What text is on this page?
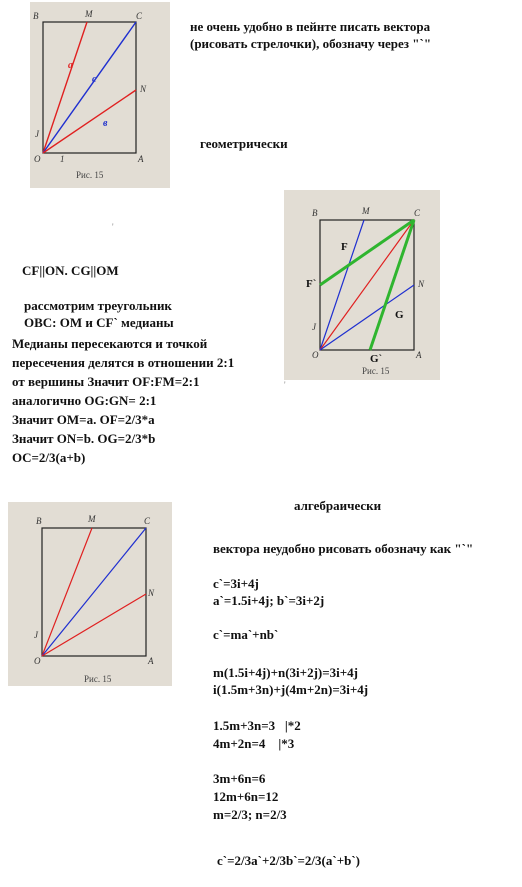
B	M	C
N
J
O 1	A
Рис. 15
a
c
в
не очень удобно в пейнте писать вектора
(рисовать стрелочки), обозначу через "`"
геометрически
'
B	M	C
N
J
O	A
Рис. 15
F
F`
G
G`
'
CF||ON. CG||OM
рассмотрим треугольник
OBC: OM и CF` медианы
Медианы пересекаются и точкой
пересечения делятся в отношении 2:1
от вершины Значит OF:FM=2:1
аналогично OG:GN= 2:1
Значит OM=a. OF=2/3*a
Значит ON=b. OG=2/3*b
OC=2/3(a+b)
B	M	C
N
J
O	A
Рис. 15
алгебраически
вектора неудобно рисовать обозначу как "`"
c`=3i+4j
a`=1.5i+4j; b`=3i+2j
c`=ma`+nb`
m(1.5i+4j)+n(3i+2j)=3i+4j
i(1.5m+3n)+j(4m+2n)=3i+4j
1.5m+3n=3   |*2
4m+2n=4    |*3
3m+6n=6
12m+6n=12
m=2/3; n=2/3
c`=2/3a`+2/3b`=2/3(a`+b`)
